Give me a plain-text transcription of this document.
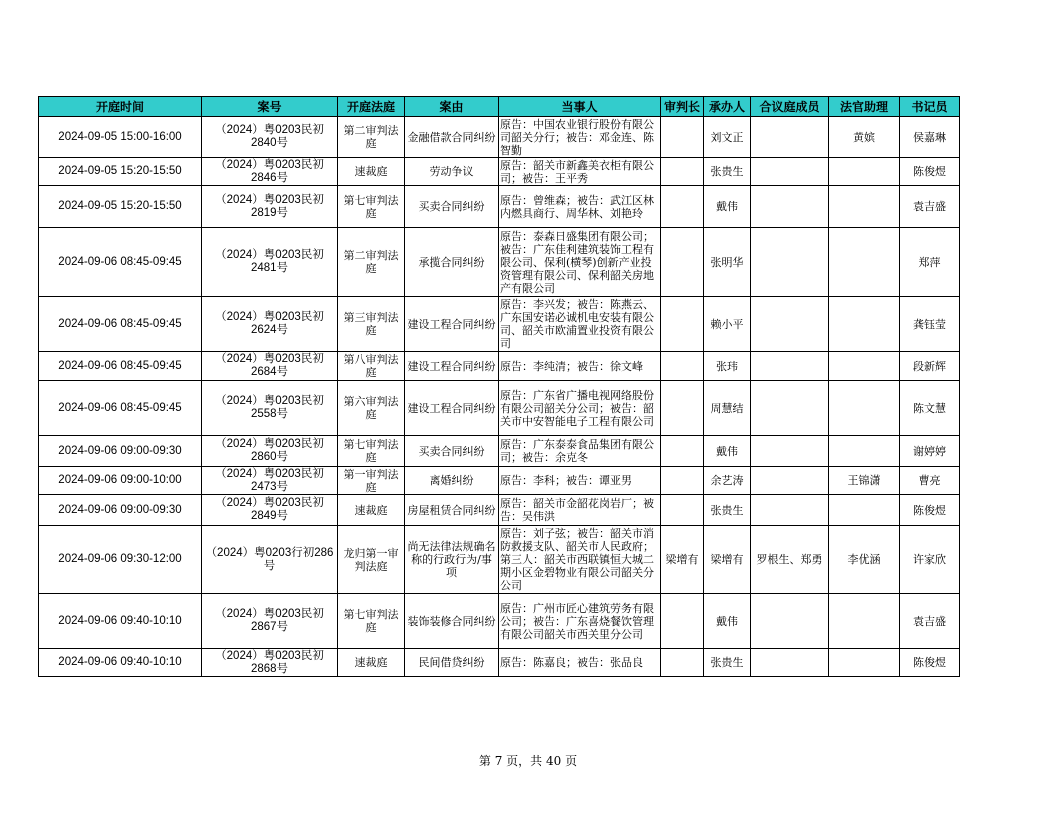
开庭时间	案号	开庭法庭	案由	当事人	审判长	承办人	合议庭成员	法官助理	书记员
2024-09-05 15:00-16:00	（2024）粤0203民初2840号	第二审判法庭	金融借款合同纠纷	原告：中国农业银行股份有限公司韶关分行；被告：邓金连、陈智勤		刘文正		黄嫔	侯嘉琳
2024-09-05 15:20-15:50	（2024）粤0203民初2846号	速裁庭	劳动争议	原告：韶关市新鑫美衣柜有限公司；被告：王平秀		张贵生			陈俊煜
2024-09-05 15:20-15:50	（2024）粤0203民初2819号	第七审判法庭	买卖合同纠纷	原告：曾维森；被告：武江区林内燃具商行、周华林、刘艳玲		戴伟			袁吉盛
2024-09-06 08:45-09:45	（2024）粤0203民初2481号	第二审判法庭	承揽合同纠纷	原告：泰森日盛集团有限公司；被告：广东佳利建筑装饰工程有限公司、保利(横琴)创新产业投资管理有限公司、保利韶关房地产有限公司		张明华			郑萍
2024-09-06 08:45-09:45	（2024）粤0203民初2624号	第三审判法庭	建设工程合同纠纷	原告：李兴发；被告：陈燕云、广东国安诺必诚机电安装有限公司、韶关市欧浦置业投资有限公司		赖小平			龚钰莹
2024-09-06 08:45-09:45	（2024）粤0203民初2684号	第八审判法庭	建设工程合同纠纷	原告：李纯清；被告：徐文峰		张玮			段新辉
2024-09-06 08:45-09:45	（2024）粤0203民初2558号	第六审判法庭	建设工程合同纠纷	原告：广东省广播电视网络股份有限公司韶关分公司；被告：韶关市中安智能电子工程有限公司		周慧结			陈文慧
2024-09-06 09:00-09:30	（2024）粤0203民初2860号	第七审判法庭	买卖合同纠纷	原告：广东泰泰食品集团有限公司；被告：余克冬		戴伟			谢婷婷
2024-09-06 09:00-10:00	（2024）粤0203民初2473号	第一审判法庭	离婚纠纷	原告：李科；被告：谭亚男		余艺涛		王锦潇	曹亮
2024-09-06 09:00-09:30	（2024）粤0203民初2849号	速裁庭	房屋租赁合同纠纷	原告：韶关市金韶花岗岩厂；被告：吴伟洪		张贵生			陈俊煜
2024-09-06 09:30-12:00	（2024）粤0203行初286号	龙归第一审判法庭	尚无法律法规确名称的行政行为/事项	原告：刘子弦；被告：韶关市消防救援支队、韶关市人民政府；第三人：韶关市西联镇恒大城二期小区金碧物业有限公司韶关分公司	梁增有	梁增有	罗根生、郑勇	李优涵	许家欣
2024-09-06 09:40-10:10	（2024）粤0203民初2867号	第七审判法庭	装饰装修合同纠纷	原告：广州市匠心建筑劳务有限公司；被告：广东喜烧餐饮管理有限公司韶关市西关里分公司		戴伟			袁吉盛
2024-09-06 09:40-10:10	（2024）粤0203民初2868号	速裁庭	民间借贷纠纷	原告：陈嘉良；被告：张品良		张贵生			陈俊煜
第 7 页，共 40 页
